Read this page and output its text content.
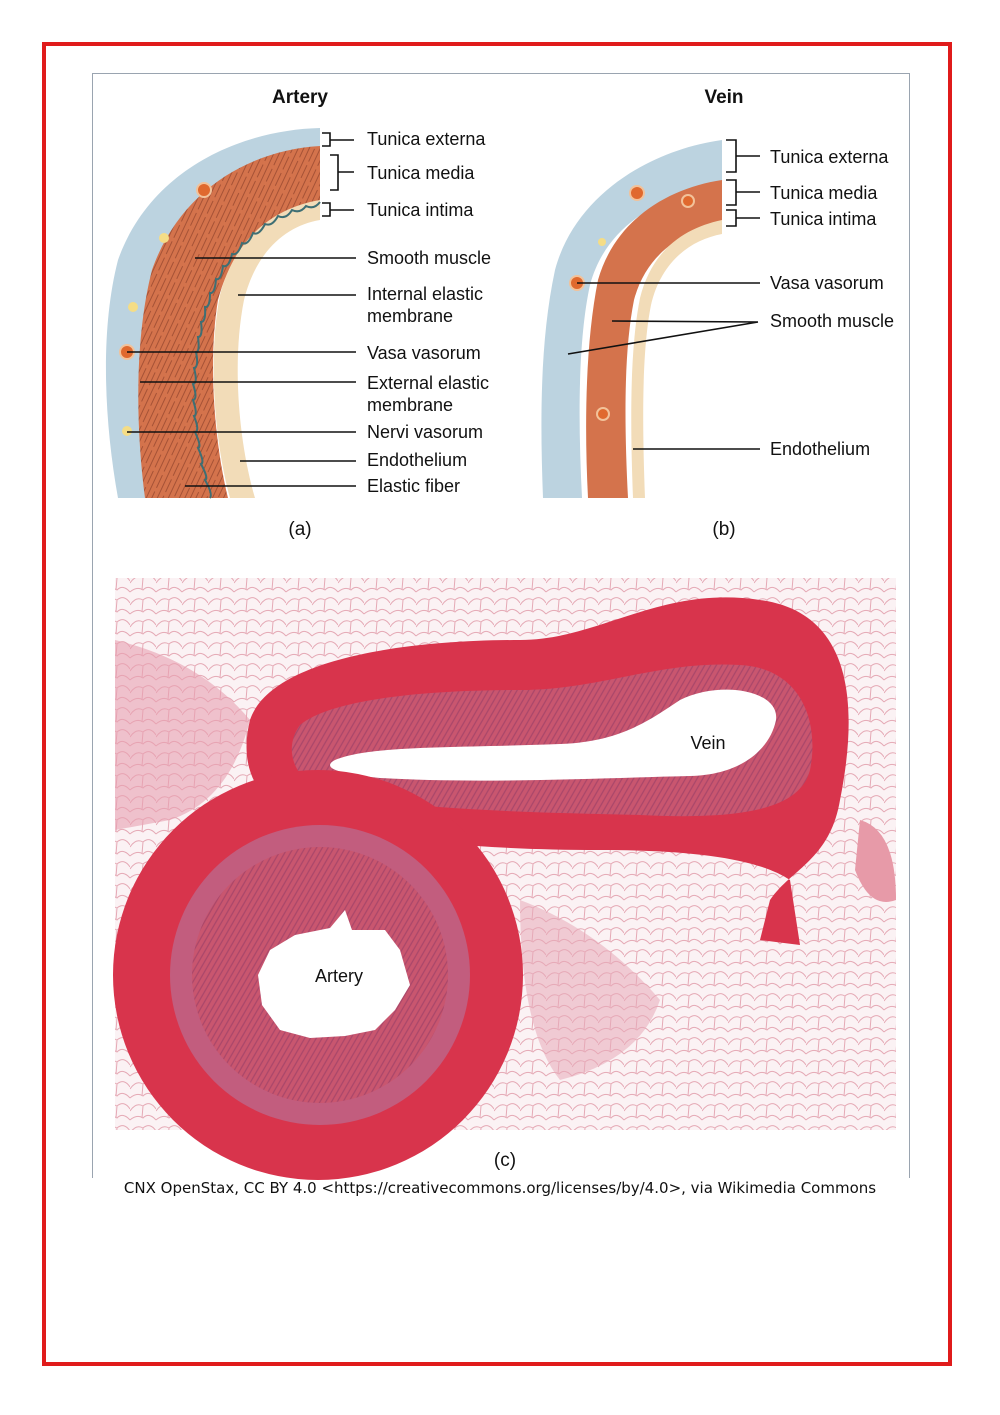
Artery
Tunica externa
Tunica media
Tunica intima
Smooth muscle
Internal elastic
membrane
Vasa vasorum
External elastic
membrane
Nervi vasorum
Endothelium
Elastic fiber
(a)
Vein
Tunica externa
Tunica media
Tunica intima
Vasa vasorum
Smooth muscle
Endothelium
(b)
Vein
Artery
(c)
CNX OpenStax, CC BY 4.0 <https://creativecommons.org/licenses/by/4.0>, via Wikimedia Commons
